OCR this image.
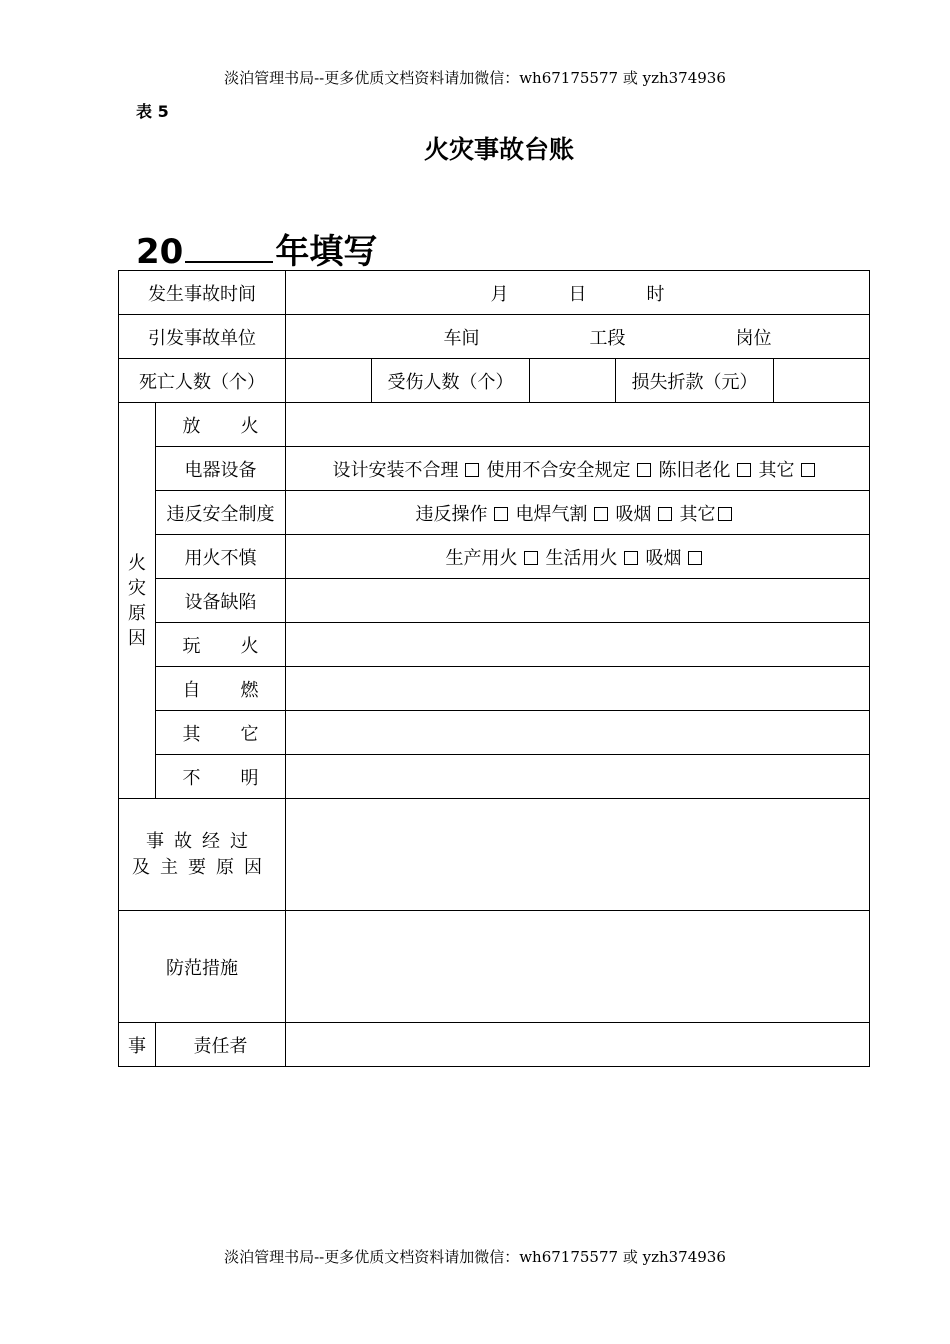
淡泊管理书局--更多优质文档资料请加微信：wh67175577 或 yzh374936
表 5
火灾事故台账
20	年填写
发生事故时间		月 日 时				
引发事故单位		车间 工段 岗位				
死亡人数（个）			受伤人数（个）		损失折款（元）	

火
灾
原
因	放 火					

	电器设备	设计安装不合理 使用不合安全规定 陈旧老化 其它				
	违反安全制度	违反操作 电焊气割 吸烟 其它				
	用火不慎	生产用火 生活用火 吸烟				
	设备缺陷					

	玩 火					

	自 燃					

	其 它					

	不 明					

事故经过
及主要原因						

防范措施						
事	责任者					
淡泊管理书局--更多优质文档资料请加微信：wh67175577 或 yzh374936
